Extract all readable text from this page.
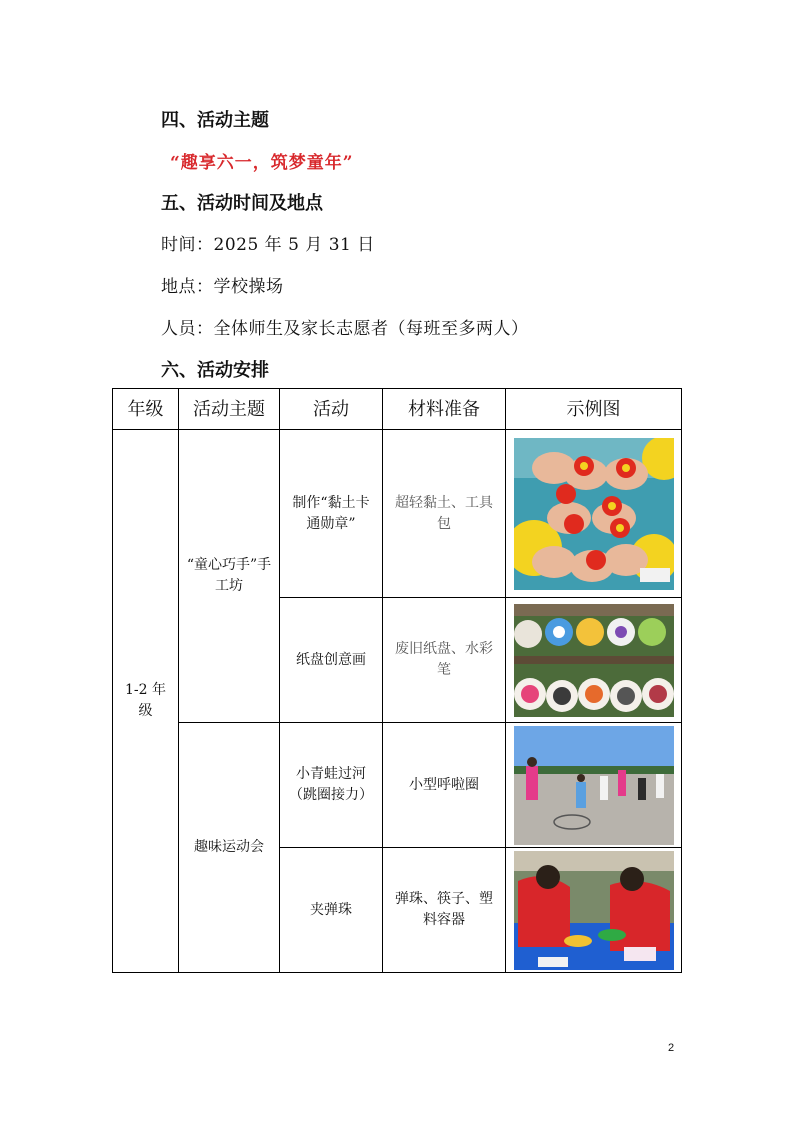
四、活动主题
“趣享六一，筑梦童年”
五、活动时间及地点
时间：2025 年 5 月 31 日
地点：学校操场
人员：全体师生及家长志愿者（每班至多两人）
六、活动安排
年级	活动主题	活动	材料准备	示例图
1-2 年级	“童心巧手”手工坊	制作“黏土卡通勋章”	超轻黏土、工具包	

		纸盘创意画	废旧纸盘、水彩笔	

	趣味运动会	小青蛙过河（跳圈接力）	小型呼啦圈	

		夹弹珠	弹珠、筷子、塑料容器	
2
